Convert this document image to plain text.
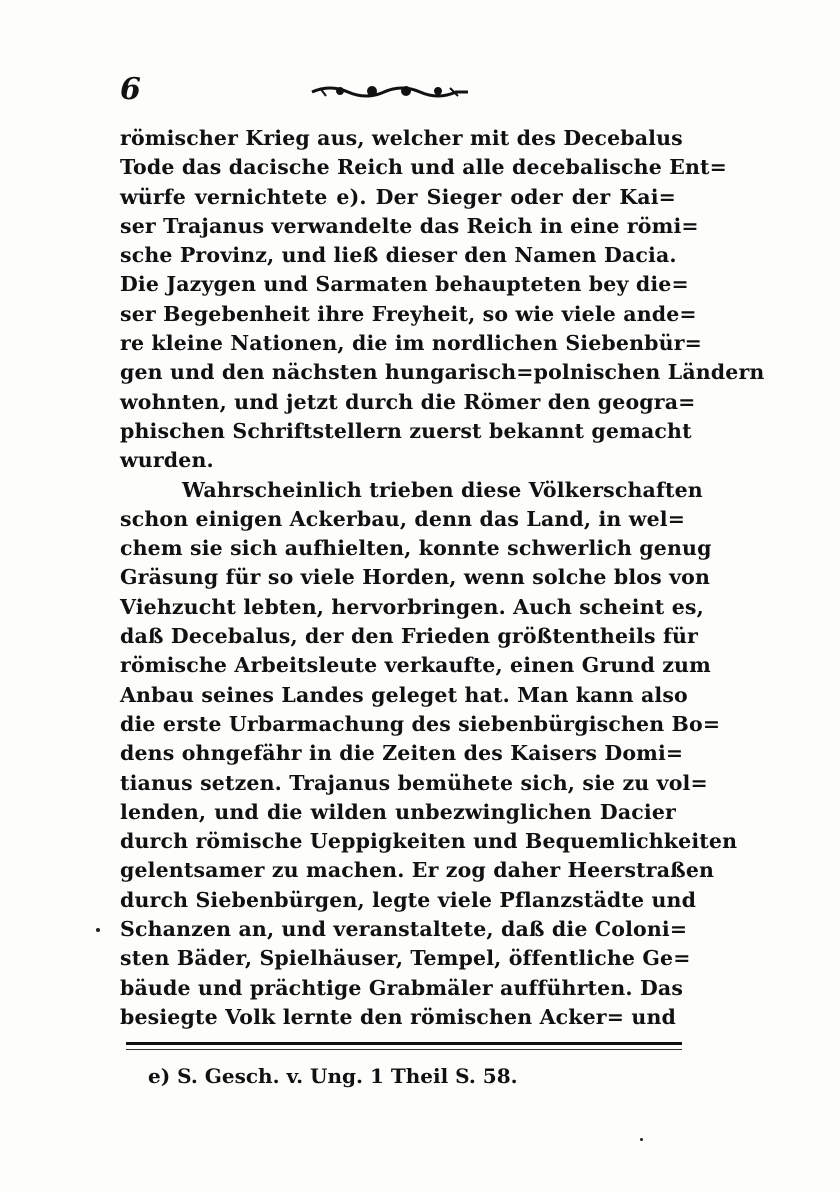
6
römischer Krieg aus, welcher mit des Decebalus
Tode das dacische Reich und alle decebalische Ent=
würfe vernichtete e). Der Sieger oder der Kai=
ser Trajanus verwandelte das Reich in eine römi=
sche Provinz, und ließ dieser den Namen Dacia.
Die Jazygen und Sarmaten behaupteten bey die=
ser Begebenheit ihre Freyheit, so wie viele ande=
re kleine Nationen, die im nordlichen Siebenbür=
gen und den nächsten hungarisch=polnischen Ländern
wohnten, und jetzt durch die Römer den geogra=
phischen Schriftstellern zuerst bekannt gemacht
wurden.
Wahrscheinlich trieben diese Völkerschaften
schon einigen Ackerbau, denn das Land, in wel=
chem sie sich aufhielten, konnte schwerlich genug
Gräsung für so viele Horden, wenn solche blos von
Viehzucht lebten, hervorbringen. Auch scheint es,
daß Decebalus, der den Frieden größtentheils für
römische Arbeitsleute verkaufte, einen Grund zum
Anbau seines Landes geleget hat. Man kann also
die erste Urbarmachung des siebenbürgischen Bo=
dens ohngefähr in die Zeiten des Kaisers Domi=
tianus setzen. Trajanus bemühete sich, sie zu vol=
lenden, und die wilden unbezwinglichen Dacier
durch römische Ueppigkeiten und Bequemlichkeiten
gelentsamer zu machen. Er zog daher Heerstraßen
durch Siebenbürgen, legte viele Pflanzstädte und
Schanzen an, und veranstaltete, daß die Coloni=
sten Bäder, Spielhäuser, Tempel, öffentliche Ge=
bäude und prächtige Grabmäler aufführten. Das
besiegte Volk lernte den römischen Acker= und
e) S. Gesch. v. Ung. 1 Theil S. 58.
